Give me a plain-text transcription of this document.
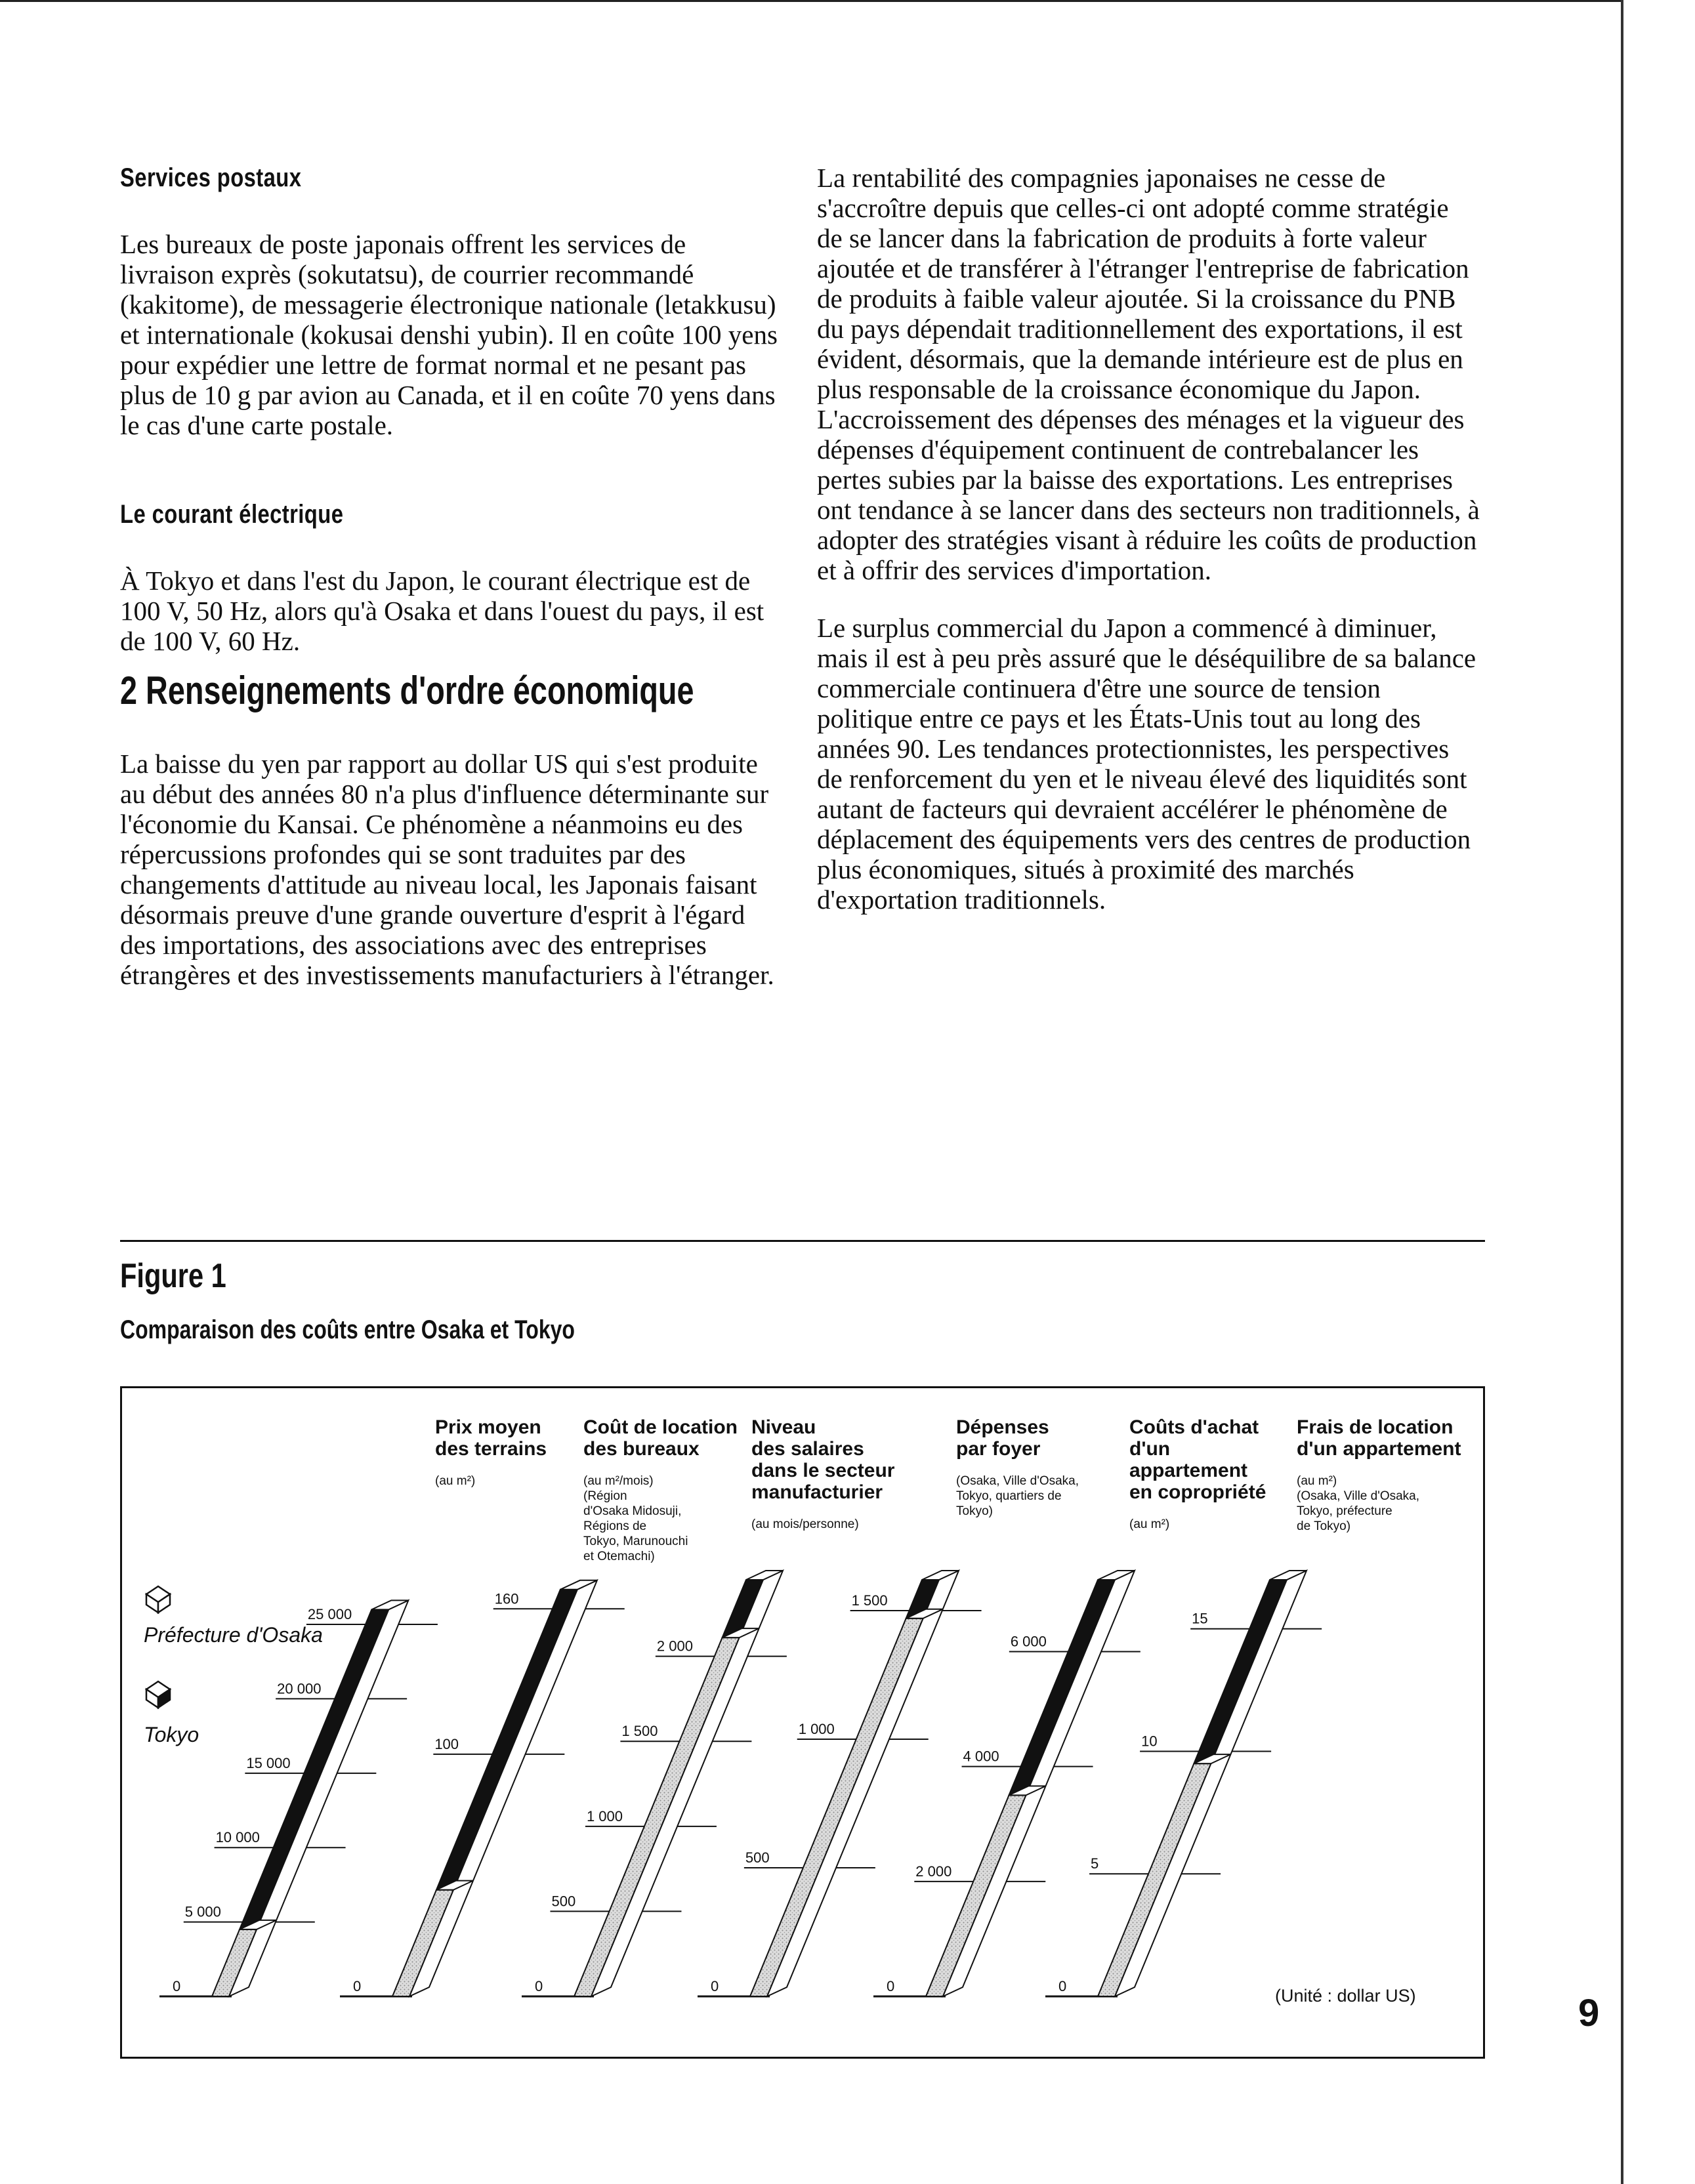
Services postaux

Les bureaux de poste japonais offrent les services de livraison exprès (sokutatsu), de courrier recommandé (kakitome), de messagerie électronique nationale (letakkusu) et internationale (kokusai denshi yubin). Il en coûte 100 yens pour expédier une lettre de format normal et ne pesant pas plus de 10 g par avion au Canada, et il en coûte 70 yens dans le cas d'une carte postale.

Le courant électrique

À Tokyo et dans l'est du Japon, le courant électrique est de 100 V, 50 Hz, alors qu'à Osaka et dans l'ouest du pays, il est de 100 V, 60 Hz.

2 Renseignements d'ordre économique

La baisse du yen par rapport au dollar US qui s'est produite au début des années 80 n'a plus d'influence déterminante sur l'économie du Kansai. Ce phénomène a néanmoins eu des répercussions profondes qui se sont traduites par des changements d'attitude au niveau local, les Japonais faisant désormais preuve d'une grande ouverture d'esprit à l'égard des importations, des associations avec des entreprises étrangères et des investissements manufacturiers à l'étranger.

La rentabilité des compagnies japonaises ne cesse de s'accroître depuis que celles-ci ont adopté comme stratégie de se lancer dans la fabrication de produits à forte valeur ajoutée et de transférer à l'étranger l'entreprise de fabrication de produits à faible valeur ajoutée. Si la croissance du PNB du pays dépendait traditionnellement des exportations, il est évident, désormais, que la demande intérieure est de plus en plus responsable de la croissance économique du Japon. L'accroissement des dépenses des ménages et la vigueur des dépenses d'équipement continuent de contrebalancer les pertes subies par la baisse des exportations. Les entreprises ont tendance à se lancer dans des secteurs non traditionnels, à adopter des stratégies visant à réduire les coûts de production et à offrir des services d'importation.

Le surplus commercial du Japon a commencé à diminuer, mais il est à peu près assuré que le déséquilibre de sa balance commerciale continuera d'être une source de tension politique entre ce pays et les États-Unis tout au long des années 90. Les tendances protectionnistes, les perspectives de renforcement du yen et le niveau élevé des liquidités sont autant de facteurs qui devraient accélérer le phénomène de déplacement des équipements vers des centres de production plus économiques, situés à proximité des marchés d'exportation traditionnels.

Figure 1
Comparaison des coûts entre Osaka et Tokyo
Préfecture d'Osaka
Tokyo
(Unité : dollar US)
0
5 000
10 000
15 000
20 000
25 000
Prix moyen
des terrains
(au m²)
0
100
160
Coût de location
des bureaux
(au m²/mois)
(Région
d'Osaka Midosuji,
Régions de
Tokyo, Marunouchi
et Otemachi)
0
500
1 000
1 500
2 000
Niveau
des salaires
dans le secteur
manufacturier
(au mois/personne)
0
500
1 000
1 500
Dépenses
par foyer
(Osaka, Ville d'Osaka,
Tokyo, quartiers de
Tokyo)
0
2 000
4 000
6 000
Coûts d'achat
d'un
appartement
en copropriété
(au m²)
0
5
10
15
Frais de location
d'un appartement
(au m²)
(Osaka, Ville d'Osaka,
Tokyo, préfecture
de Tokyo)
9
